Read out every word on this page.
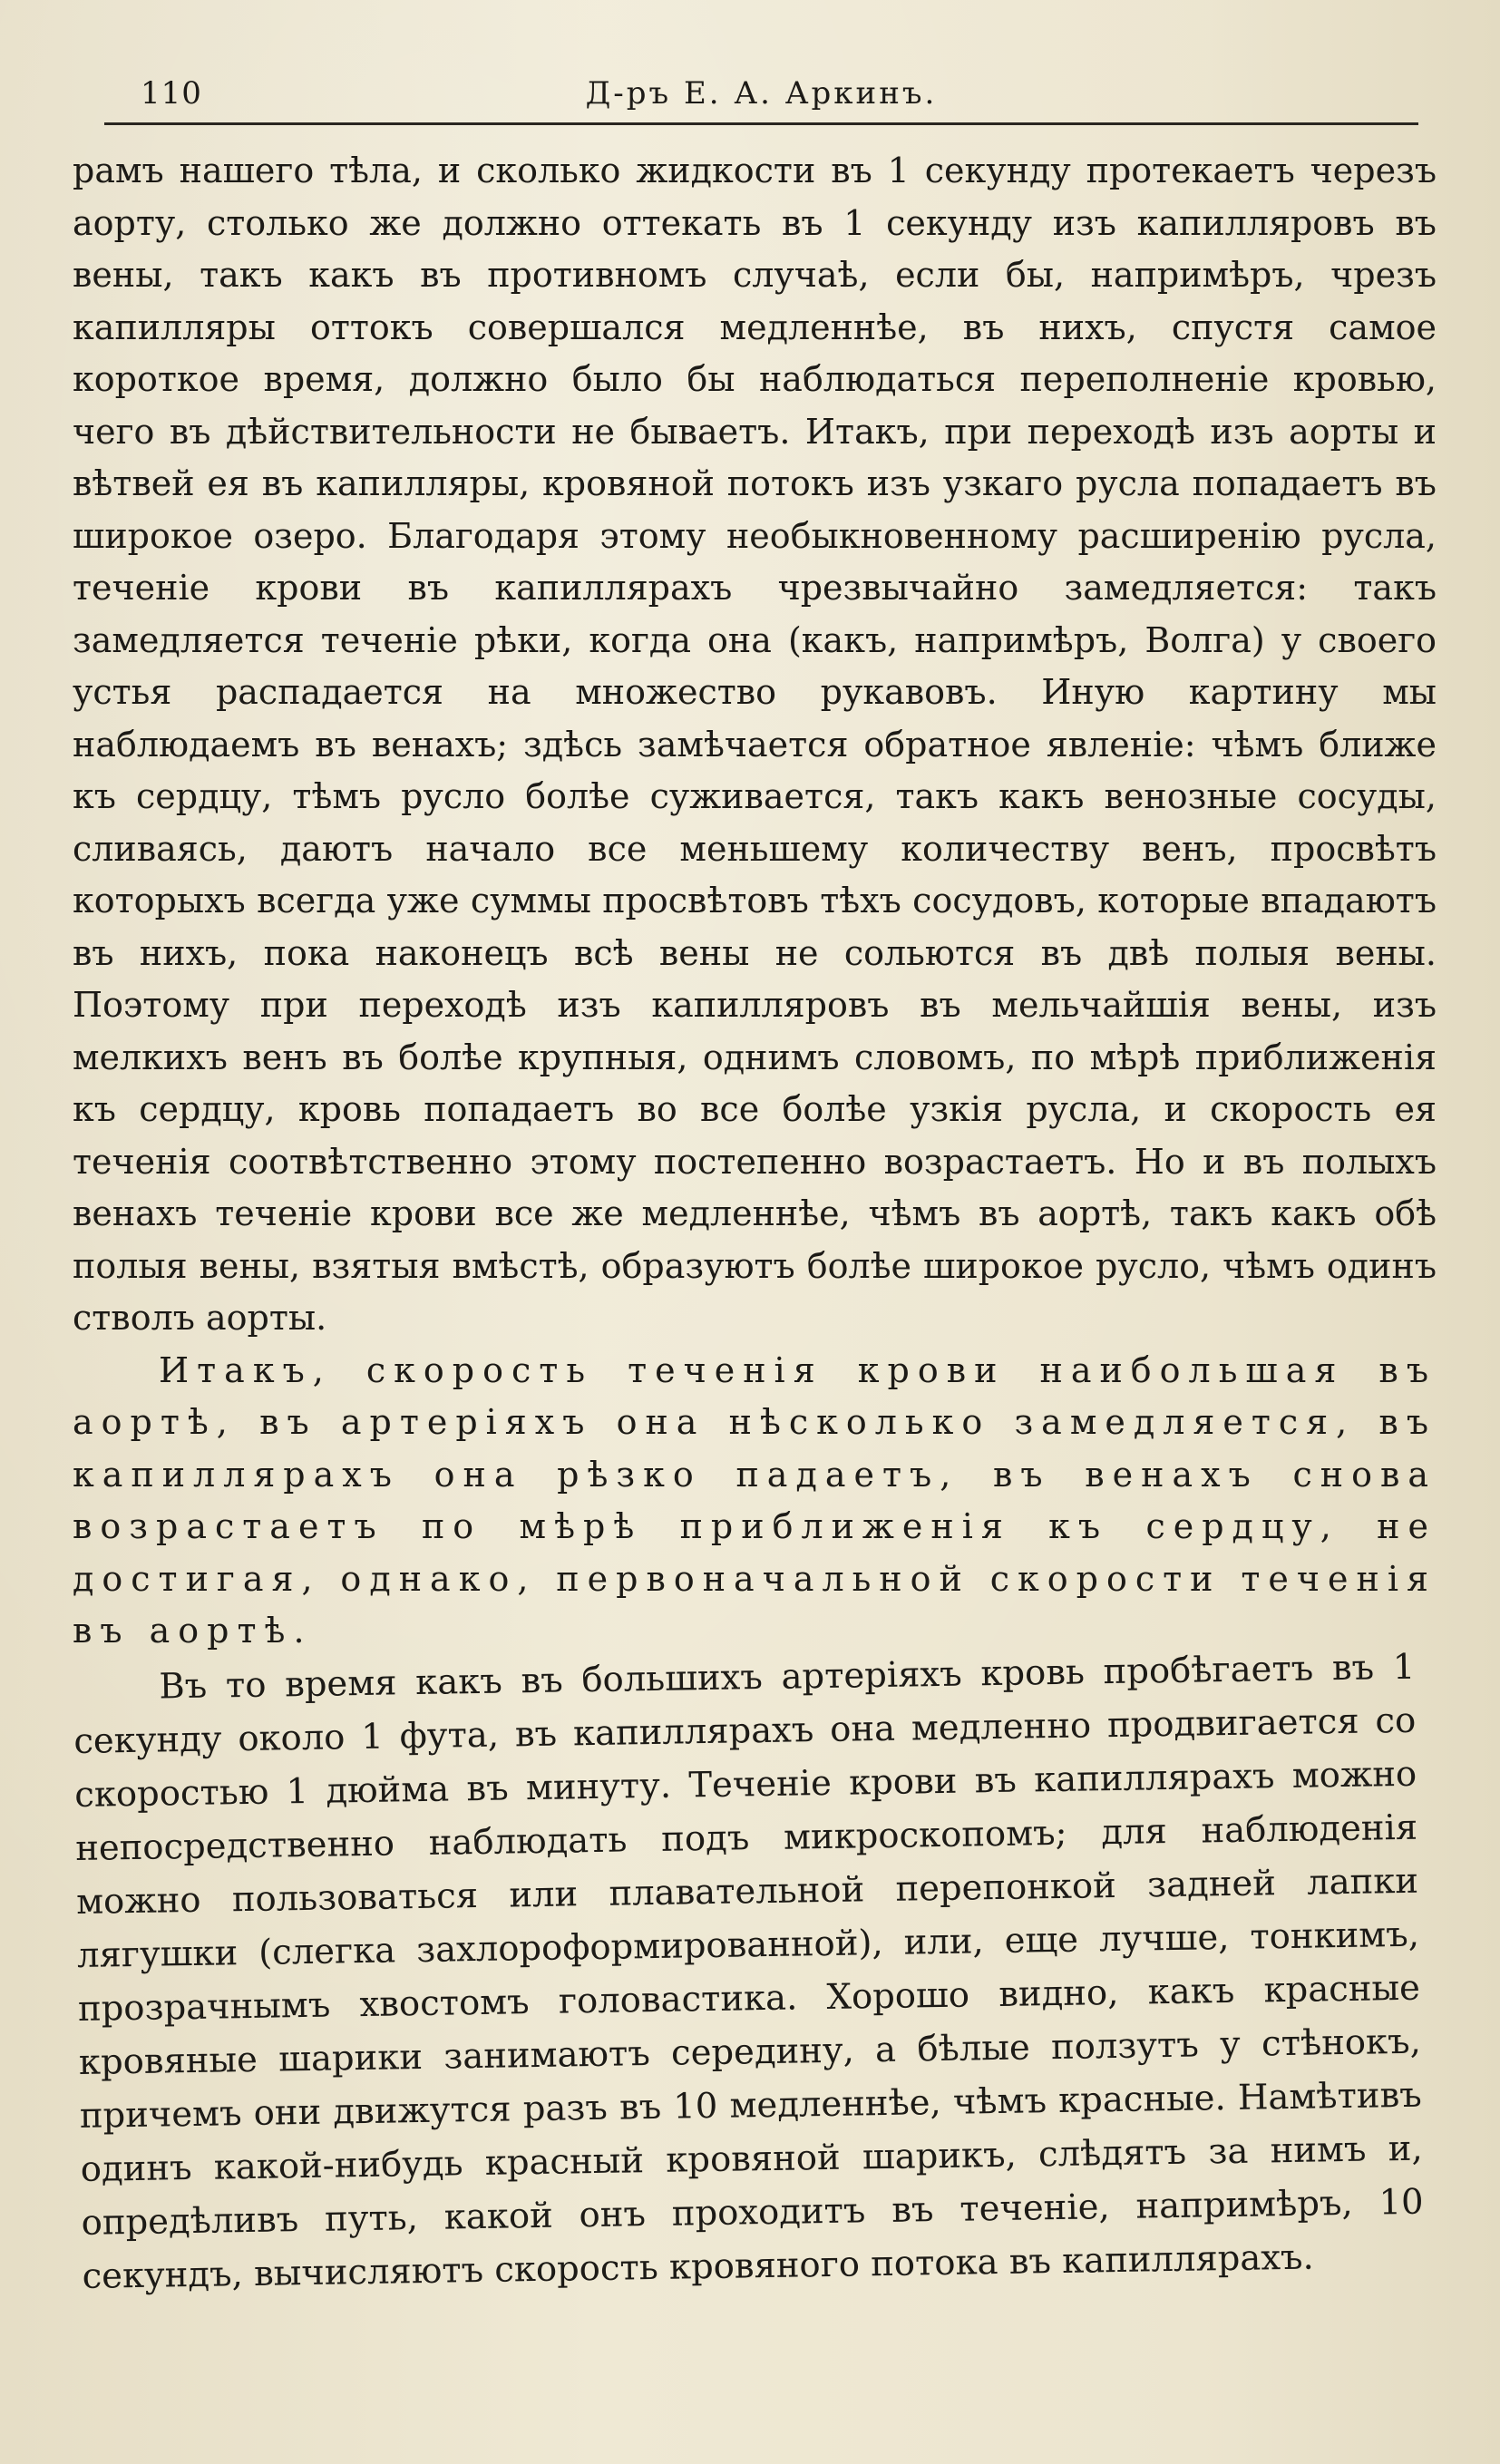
110	Д-ръ Е. А. Аркинъ.

рамъ нашего тѣла, и сколько жидкости въ 1 секунду протекаетъ черезъ аорту, столько же должно оттекать въ 1 секунду изъ капилляровъ въ вены, такъ какъ въ противномъ случаѣ, если бы, напримѣръ, чрезъ капилляры оттокъ совершался медленнѣе, въ нихъ, спустя самое короткое время, должно было бы наблюдаться переполненіе кровью, чего въ дѣйствительности не бываетъ. Итакъ, при переходѣ изъ аорты и вѣтвей ея въ капилляры, кровяной потокъ изъ узкаго русла попадаетъ въ широкое озеро. Благодаря этому необыкновенному расширенію русла, теченіе крови въ капиллярахъ чрезвычайно замедляется: такъ замедляется теченіе рѣки, когда она (какъ, напримѣръ, Волга) у своего устья распадается на множество рукавовъ. Иную картину мы наблюдаемъ въ венахъ; здѣсь замѣчается обратное явленіе: чѣмъ ближе къ сердцу, тѣмъ русло болѣе суживается, такъ какъ венозные сосуды, сливаясь, даютъ начало все меньшему количеству венъ, просвѣтъ которыхъ всегда уже суммы просвѣтовъ тѣхъ сосудовъ, которые впадаютъ въ нихъ, пока наконецъ всѣ вены не сольются въ двѣ полыя вены. Поэтому при переходѣ изъ капилляровъ въ мельчайшія вены, изъ мелкихъ венъ въ болѣе крупныя, однимъ словомъ, по мѣрѣ приближенія къ сердцу, кровь попадаетъ во все болѣе узкія русла, и скорость ея теченія соотвѣтственно этому постепенно возрастаетъ. Но и въ полыхъ венахъ теченіе крови все же медленнѣе, чѣмъ въ аортѣ, такъ какъ обѣ полыя вены, взятыя вмѣстѣ, образуютъ болѣе широкое русло, чѣмъ одинъ стволъ аорты.

Итакъ, скорость теченія крови наибольшая въ аортѣ, въ артеріяхъ она нѣсколько замедляется, въ капиллярахъ она рѣзко падаетъ, въ венахъ снова возрастаетъ по мѣрѣ приближенія къ сердцу, не достигая, однако, первоначальной скорости теченія въ аортѣ.

Въ то время какъ въ большихъ артеріяхъ кровь пробѣгаетъ въ 1 секунду около 1 фута, въ капиллярахъ она медленно продвигается со скоростью 1 дюйма въ минуту. Теченіе крови въ капиллярахъ можно непосредственно наблюдать подъ микроскопомъ; для наблюденія можно пользоваться или плавательной перепонкой задней лапки лягушки (слегка захлороформированной), или, еще лучше, тонкимъ, прозрачнымъ хвостомъ головастика. Хорошо видно, какъ красные кровяные шарики занимаютъ середину, а бѣлые ползутъ у стѣнокъ, причемъ они движутся разъ въ 10 медленнѣе, чѣмъ красные. Намѣтивъ одинъ какой-нибудь красный кровяной шарикъ, слѣдятъ за нимъ и, опредѣливъ путь, какой онъ проходитъ въ теченіе, напримѣръ, 10 секундъ, вычисляютъ скорость кровяного потока въ капиллярахъ.
